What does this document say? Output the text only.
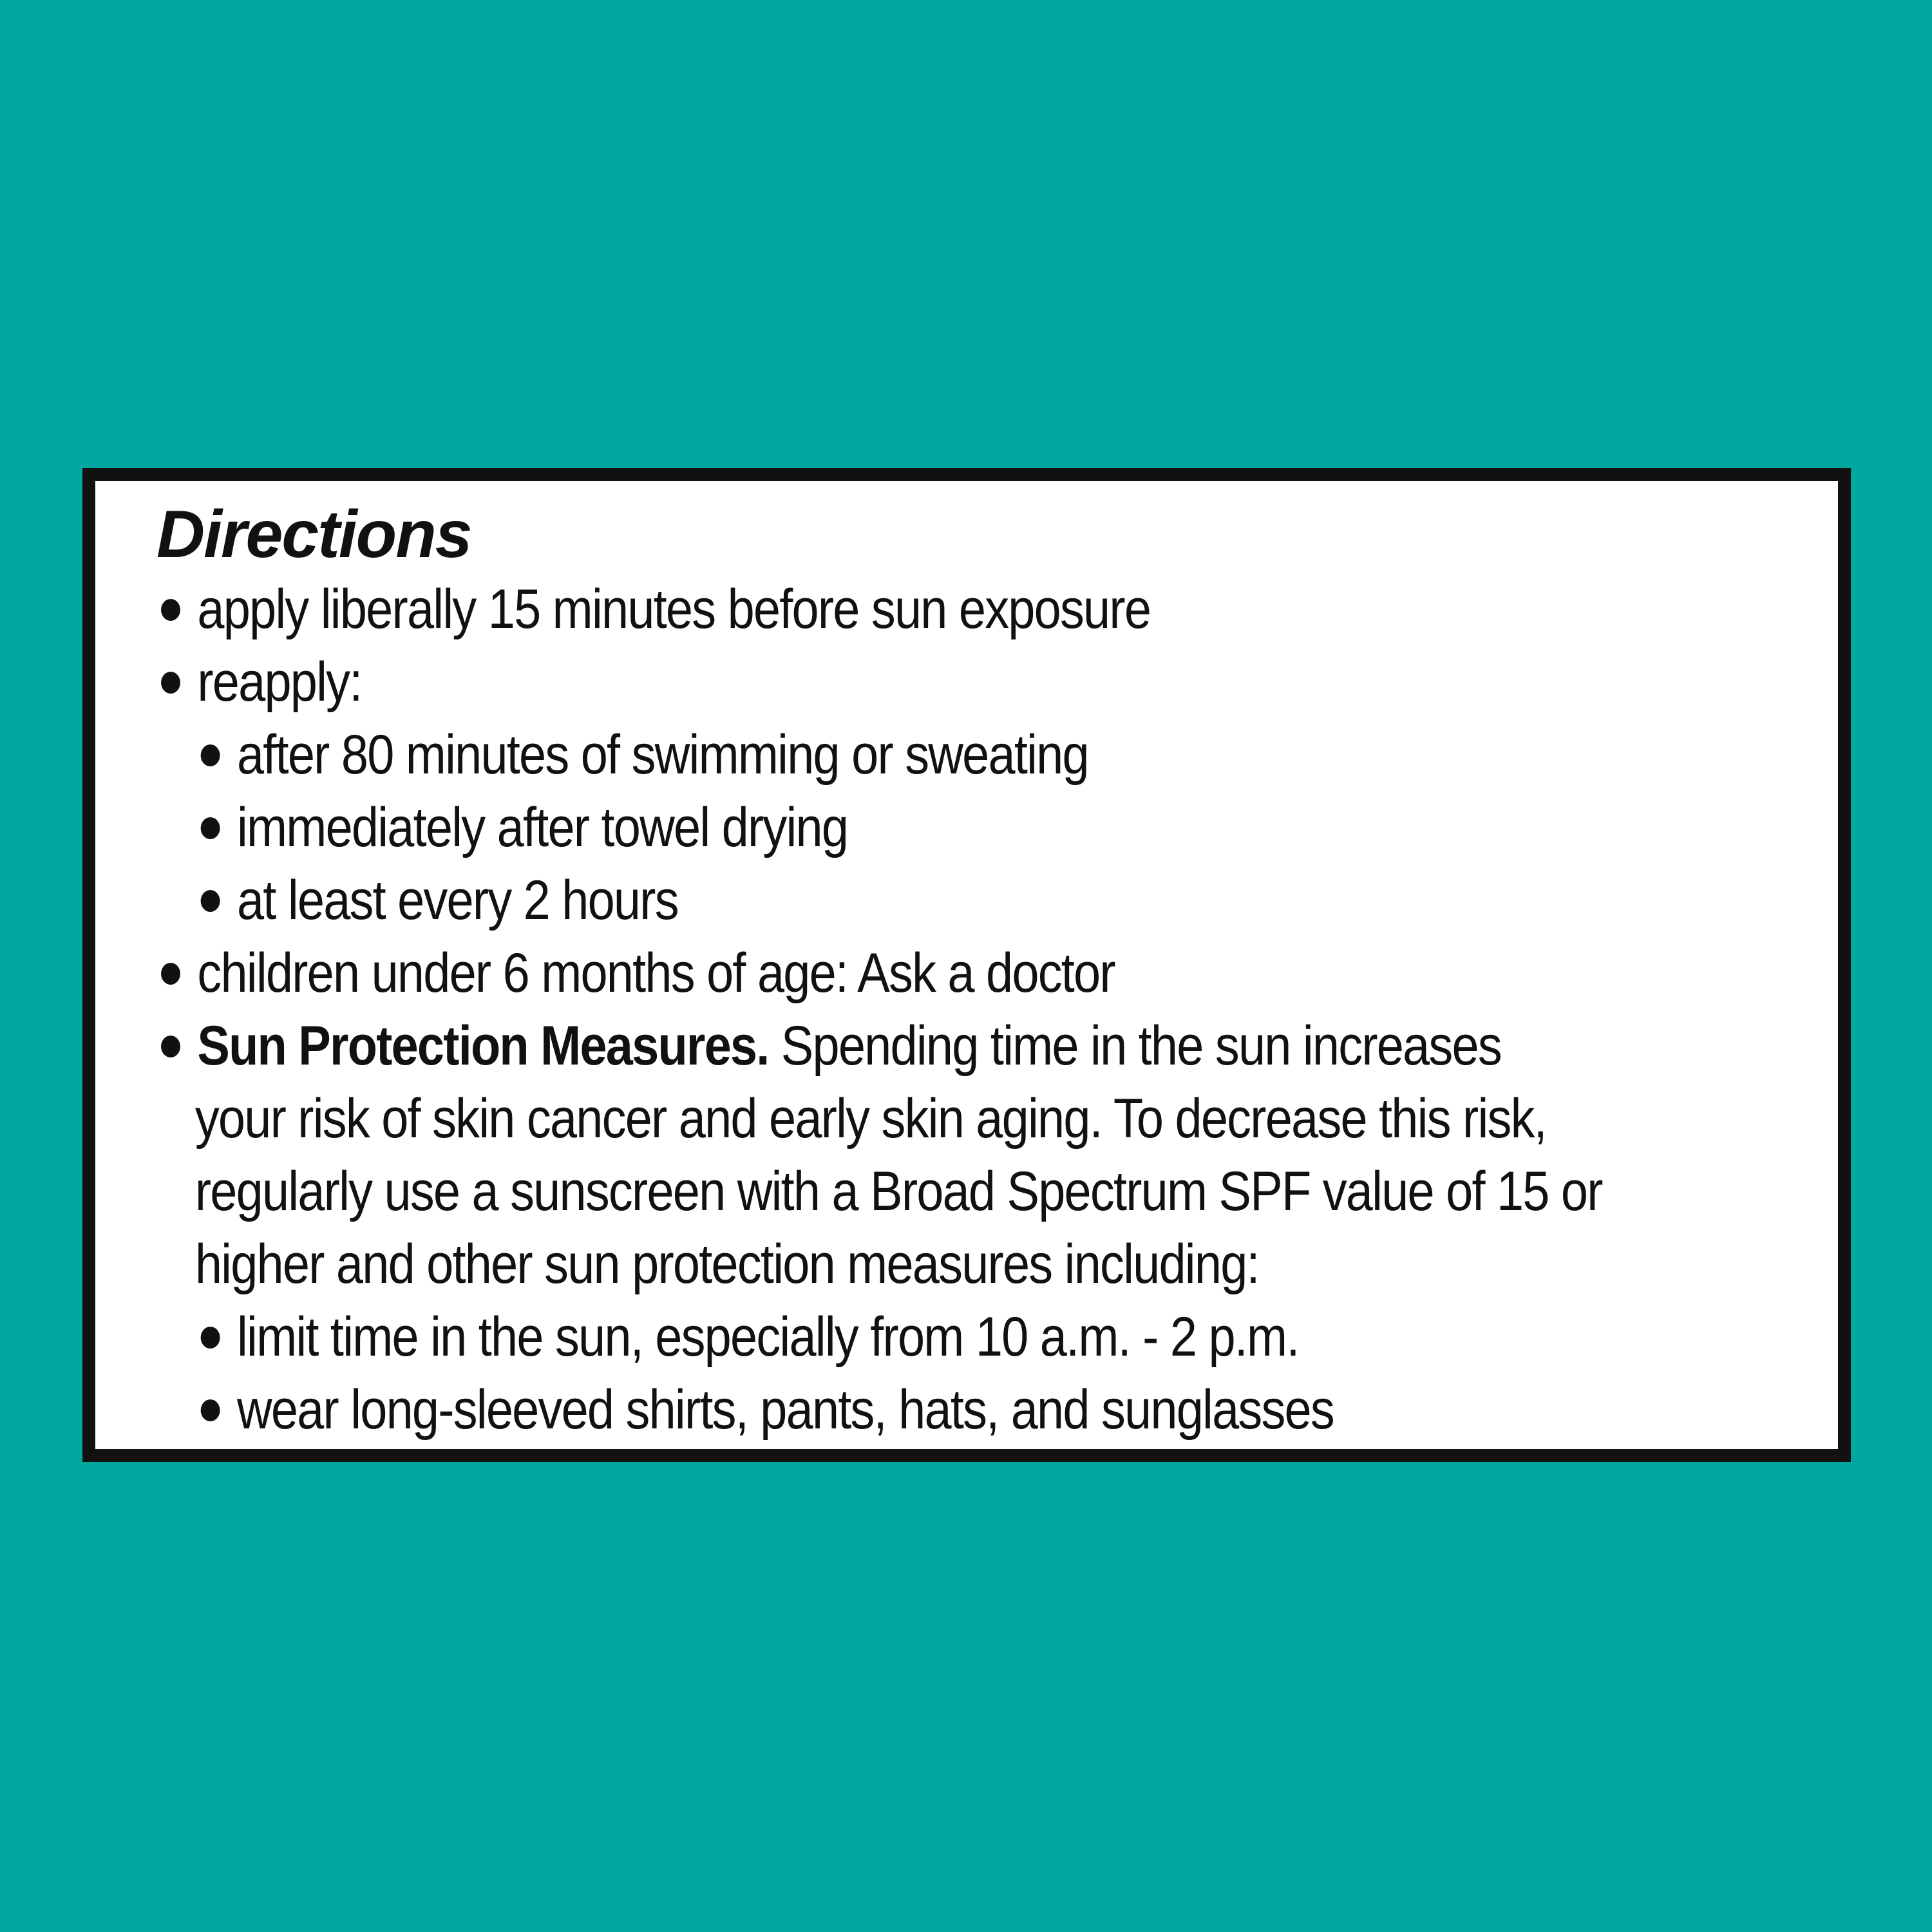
Directions
apply liberally 15 minutes before sun exposure
reapply:
after 80 minutes of swimming or sweating
immediately after towel drying
at least every 2 hours
children under 6 months of age: Ask a doctor
Sun Protection Measures. Spending time in the sun increases
your risk of skin cancer and early skin aging. To decrease this risk,
regularly use a sunscreen with a Broad Spectrum SPF value of 15 or
higher and other sun protection measures including:
limit time in the sun, especially from 10 a.m. - 2 p.m.
wear long-sleeved shirts, pants, hats, and sunglasses
